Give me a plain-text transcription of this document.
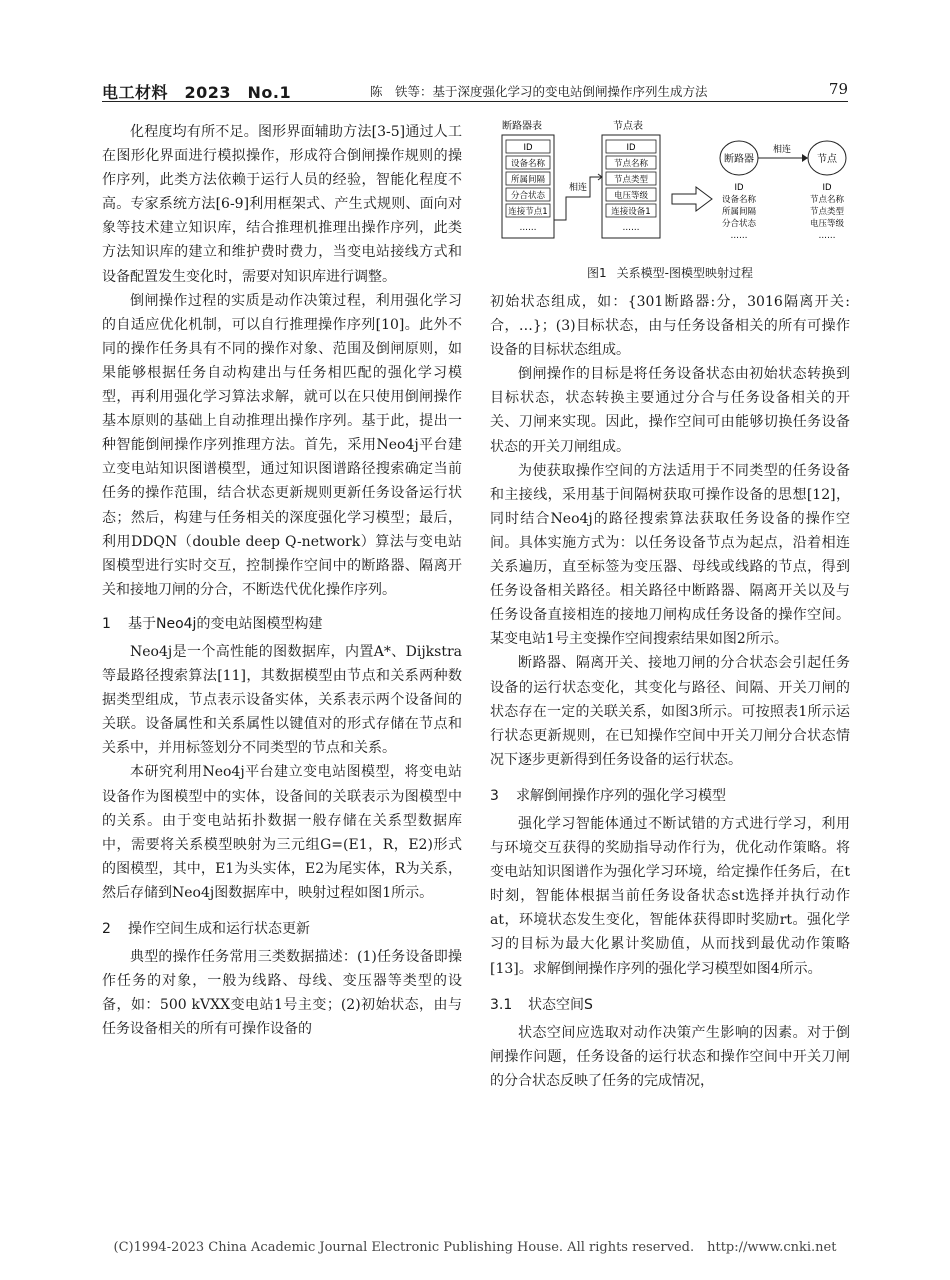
电工材料　2023　No.1	陈　铁等：基于深度强化学习的变电站倒闸操作序列生成方法	79

化程度均有所不足。图形界面辅助方法[3-5]通过人工在图形化界面进行模拟操作，形成符合倒闸操作规则的操作序列，此类方法依赖于运行人员的经验，智能化程度不高。专家系统方法[6-9]利用框架式、产生式规则、面向对象等技术建立知识库，结合推理机推理出操作序列，此类方法知识库的建立和维护费时费力，当变电站接线方式和设备配置发生变化时，需要对知识库进行调整。

倒闸操作过程的实质是动作决策过程，利用强化学习的自适应优化机制，可以自行推理操作序列[10]。此外不同的操作任务具有不同的操作对象、范围及倒闸原则，如果能够根据任务自动构建出与任务相匹配的强化学习模型，再利用强化学习算法求解，就可以在只使用倒闸操作基本原则的基础上自动推理出操作序列。基于此，提出一种智能倒闸操作序列推理方法。首先，采用Neo4j平台建立变电站知识图谱模型，通过知识图谱路径搜索确定当前任务的操作范围，结合状态更新规则更新任务设备运行状态；然后，构建与任务相关的深度强化学习模型；最后，利用DDQN（double deep Q-network）算法与变电站图模型进行实时交互，控制操作空间中的断路器、隔离开关和接地刀闸的分合，不断迭代优化操作序列。

1 基于Neo4j的变电站图模型构建

Neo4j是一个高性能的图数据库，内置A*、Dijkstra等最路径搜索算法[11]，其数据模型由节点和关系两种数据类型组成，节点表示设备实体，关系表示两个设备间的关联。设备属性和关系属性以键值对的形式存储在节点和关系中，并用标签划分不同类型的节点和关系。

本研究利用Neo4j平台建立变电站图模型，将变电站设备作为图模型中的实体，设备间的关联表示为图模型中的关系。由于变电站拓扑数据一般存储在关系型数据库中，需要将关系模型映射为三元组G=(E1，R，E2)形式的图模型，其中，E1为头实体，E2为尾实体，R为关系，然后存储到Neo4j图数据库中，映射过程如图1所示。

2 操作空间生成和运行状态更新

典型的操作任务常用三类数据描述：(1)任务设备即操作任务的对象，一般为线路、母线、变压器等类型的设备，如：500 kVXX变电站1号主变；(2)初始状态，由与任务设备相关的所有可操作设备的

断路器表
ID
设备名称
所属间隔
分合状态
连接节点1
……
节点表
ID
节点名称
节点类型
电压等级
连接设备1
……
相连
断路器	节点
相连
ID
设备名称
所属间隔
分合状态
……
ID
节点名称
节点类型
电压等级
……
图1 关系模型-图模型映射过程

初始状态组成，如：{301断路器:分，3016隔离开关:合，…}；(3)目标状态，由与任务设备相关的所有可操作设备的目标状态组成。

倒闸操作的目标是将任务设备状态由初始状态转换到目标状态，状态转换主要通过分合与任务设备相关的开关、刀闸来实现。因此，操作空间可由能够切换任务设备状态的开关刀闸组成。

为使获取操作空间的方法适用于不同类型的任务设备和主接线，采用基于间隔树获取可操作设备的思想[12]，同时结合Neo4j的路径搜索算法获取任务设备的操作空间。具体实施方式为：以任务设备节点为起点，沿着相连关系遍历，直至标签为变压器、母线或线路的节点，得到任务设备相关路径。相关路径中断路器、隔离开关以及与任务设备直接相连的接地刀闸构成任务设备的操作空间。某变电站1号主变操作空间搜索结果如图2所示。

断路器、隔离开关、接地刀闸的分合状态会引起任务设备的运行状态变化，其变化与路径、间隔、开关刀闸的状态存在一定的关联关系，如图3所示。可按照表1所示运行状态更新规则，在已知操作空间中开关刀闸分合状态情况下逐步更新得到任务设备的运行状态。

3 求解倒闸操作序列的强化学习模型

强化学习智能体通过不断试错的方式进行学习，利用与环境交互获得的奖励指导动作行为，优化动作策略。将变电站知识图谱作为强化学习环境，给定操作任务后，在t时刻，智能体根据当前任务设备状态st选择并执行动作at，环境状态发生变化，智能体获得即时奖励rt。强化学习的目标为最大化累计奖励值，从而找到最优动作策略[13]。求解倒闸操作序列的强化学习模型如图4所示。

3.1 状态空间S

状态空间应选取对动作决策产生影响的因素。对于倒闸操作问题，任务设备的运行状态和操作空间中开关刀闸的分合状态反映了任务的完成情况，

(C)1994-2023 China Academic Journal Electronic Publishing House. All rights reserved.　http://www.cnki.net
